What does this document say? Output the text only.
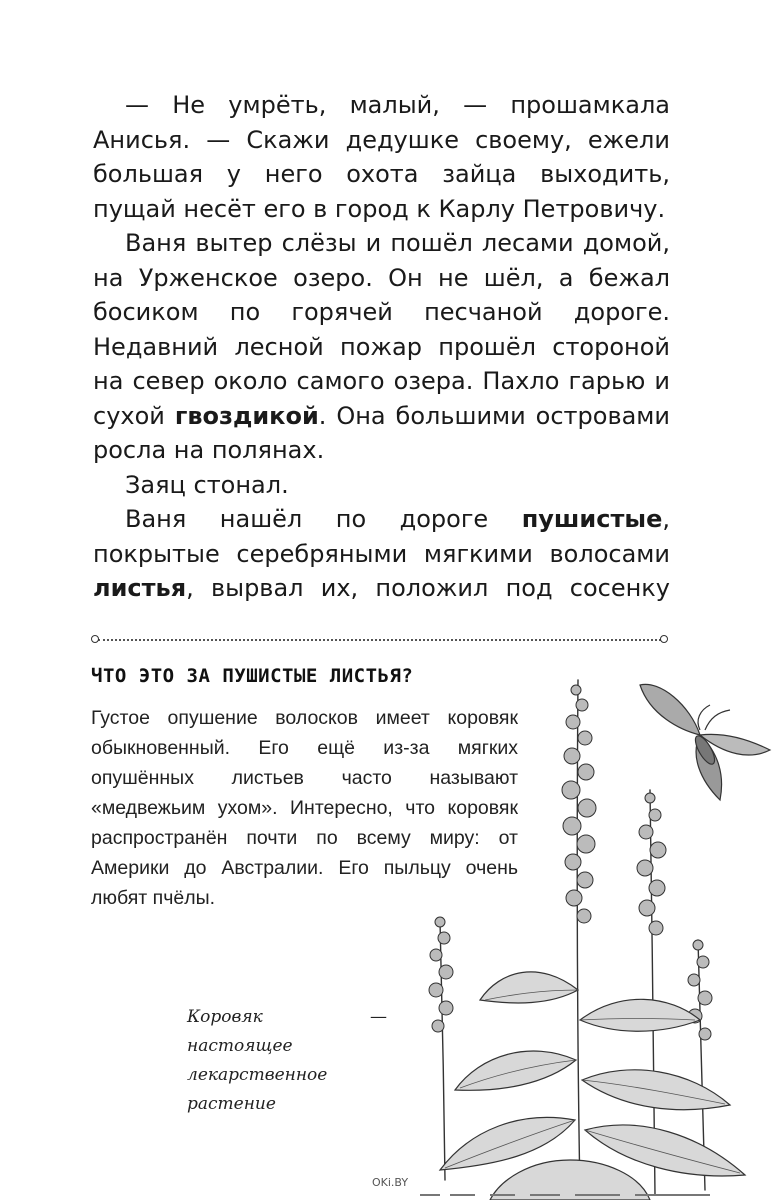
— Не умрёть, малый, — прошамкала Анисья. — Скажи дедушке своему, ежели большая у него охота зайца выходить, пущай несёт его в город к Карлу Петровичу.

Ваня вытер слёзы и пошёл лесами домой, на Урженское озеро. Он не шёл, а бежал босиком по горячей песчаной дороге. Недавний лесной пожар прошёл стороной на север около самого озера. Пахло гарью и сухой гвоздикой. Она большими островами росла на полянах.

Заяц стонал.

Ваня нашёл по дороге пушистые, покрытые серебряными мягкими волосами листья, вырвал их, положил под сосенку

ЧТО ЭТО ЗА ПУШИСТЫЕ ЛИСТЬЯ?
Густое опушение волосков имеет коровяк обыкновенный. Его ещё из-за мягких опушённых листьев часто называют «медвежьим ухом». Интересно, что коровяк распространён почти по всему миру: от Америки до Австралии. Его пыльцу очень любят пчёлы.
Коровяк — настоящее лекарственное растение
OKi.BY
